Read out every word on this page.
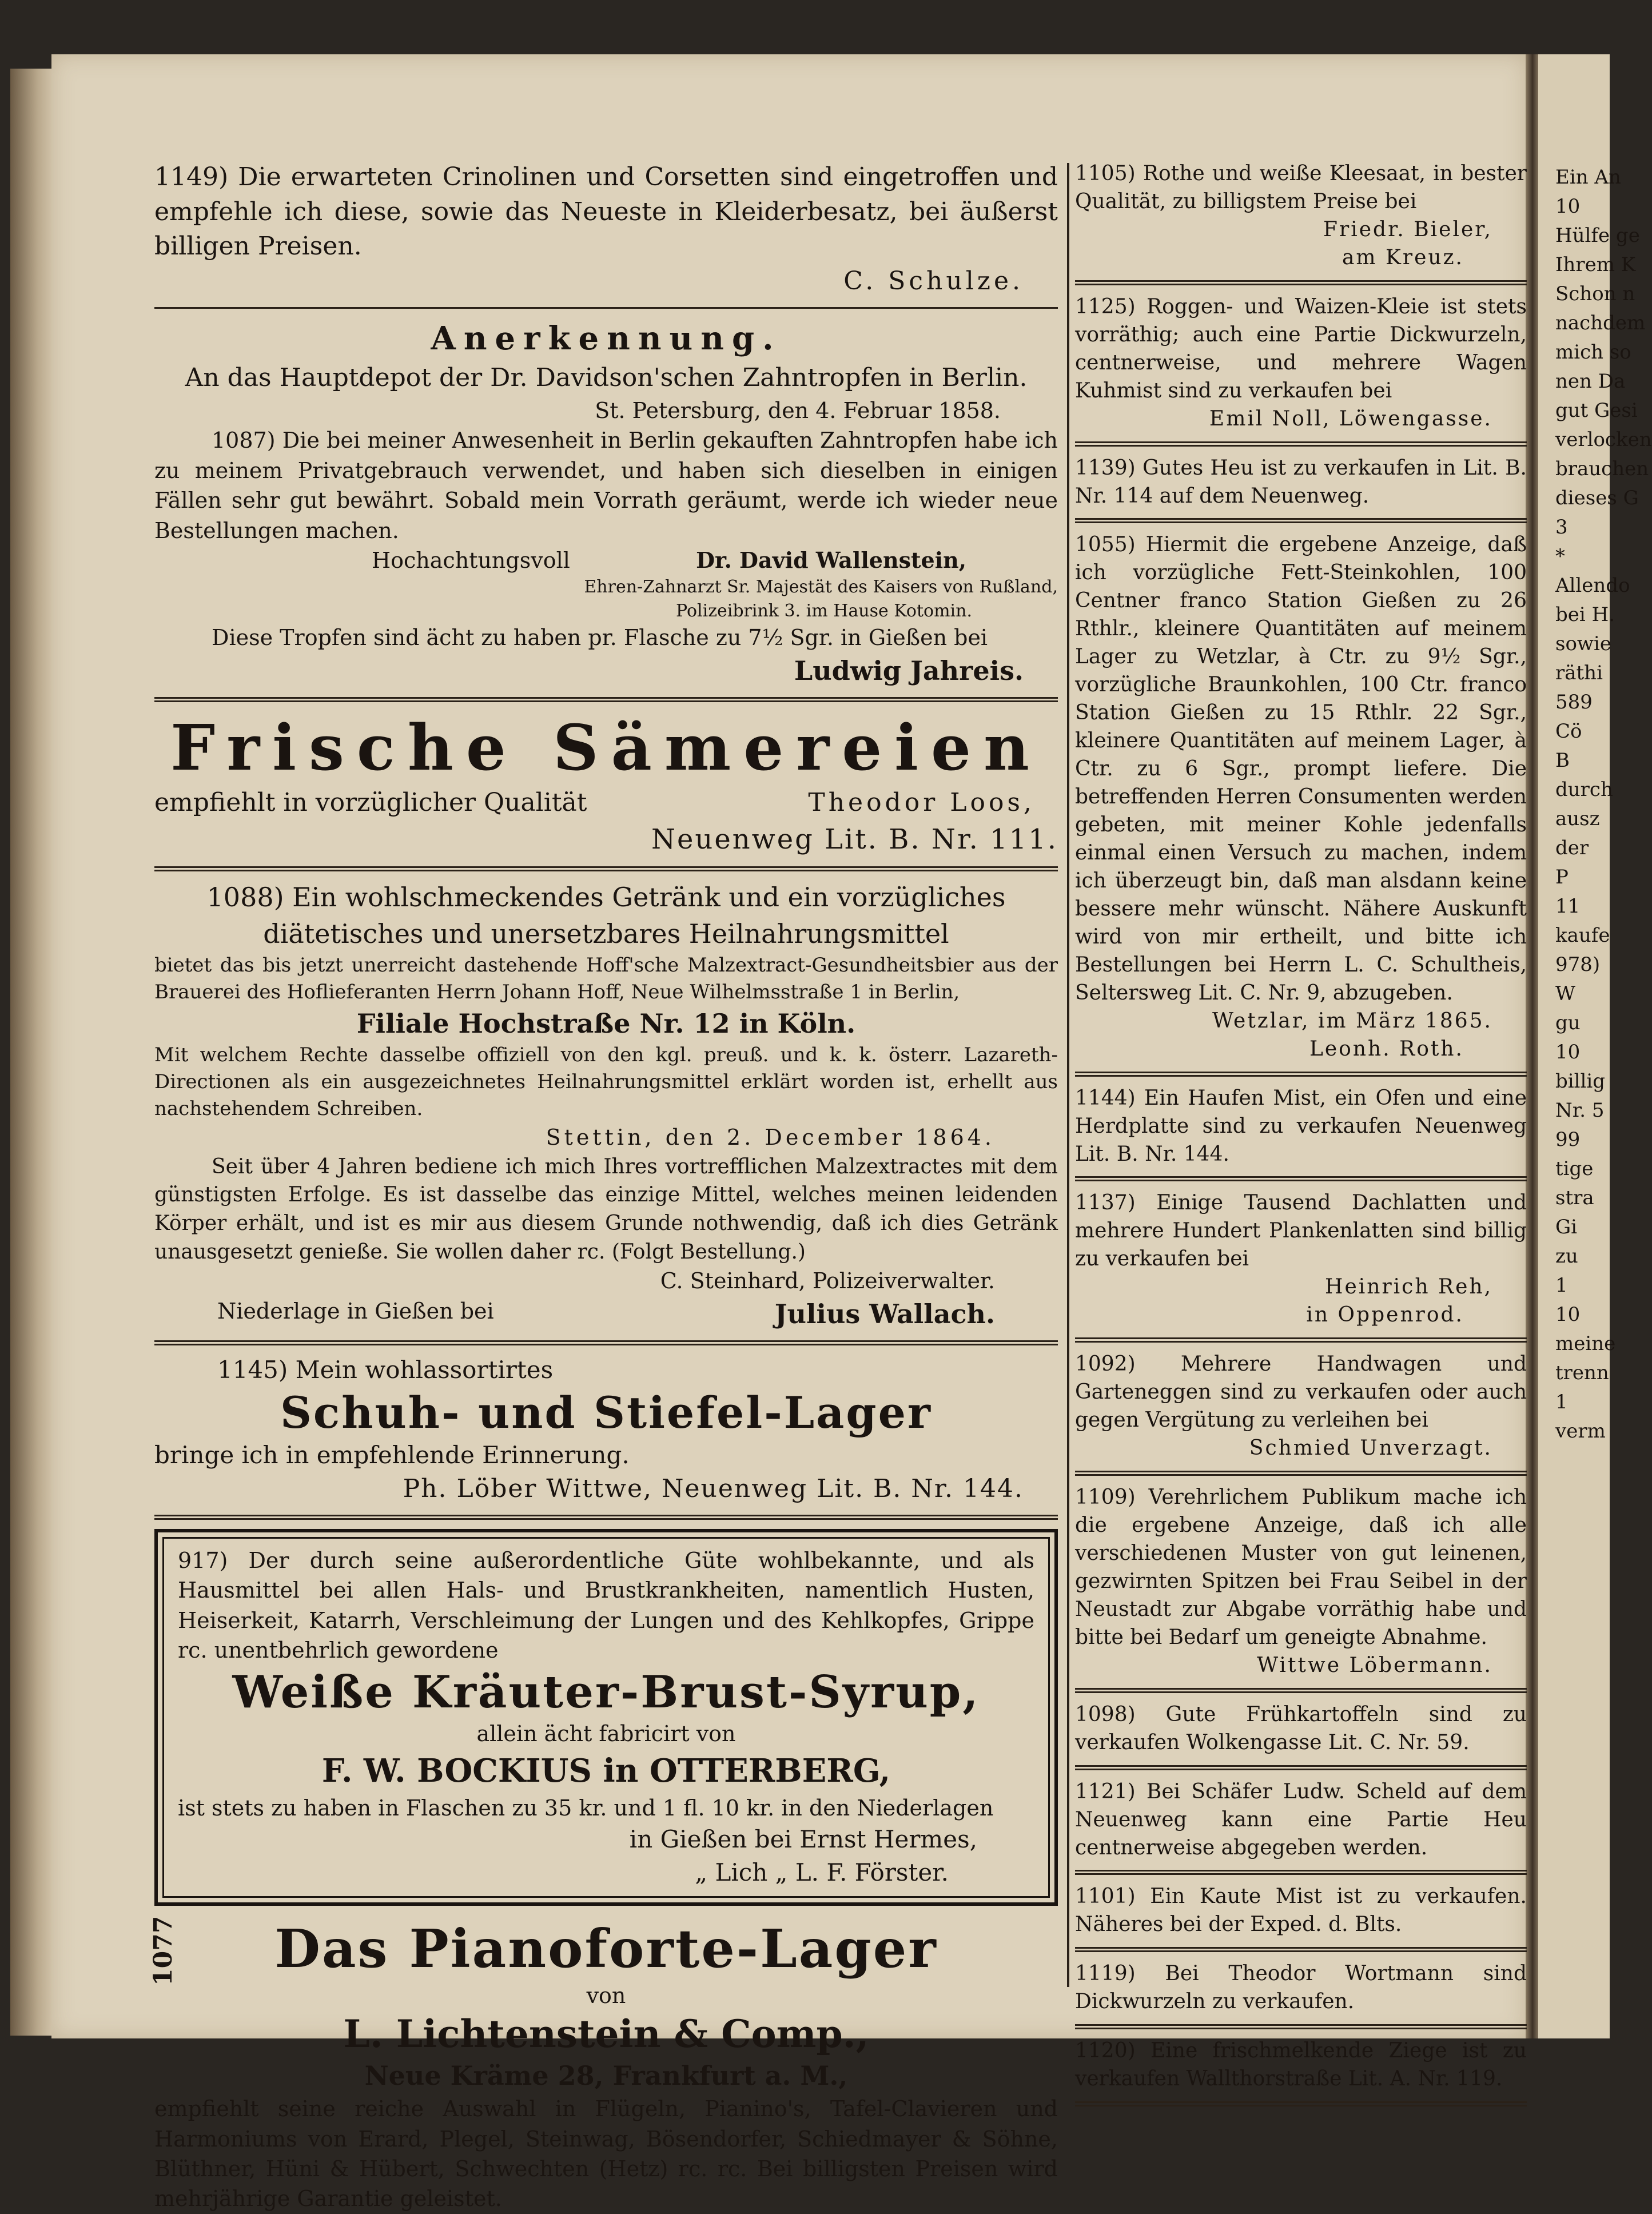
Ein An
10
Hülfe ge
Ihrem K
Schon n
nachdem
mich so
nen Da
gut Gesi
verlocken
brauchen
dieses G
3
*
Allendo
bei H.
sowie
räthi
589
Cö
B
durch
ausz
der
P
11
kaufe
978)
W
gu
10
billig
Nr. 5
99
tige
stra
Gi
zu
1
10
meine
trenn
1
verm

1149) Die erwarteten Crinolinen und Corsetten sind eingetroffen und empfehle ich diese, sowie das Neueste in Kleiderbesatz, bei äußerst billigen Preisen.

C. Schulze.

Anerkennung.

An das Hauptdepot der Dr. Davidson'schen Zahntropfen in Berlin.

St. Petersburg, den 4. Februar 1858.

1087) Die bei meiner Anwesenheit in Berlin gekauften Zahntropfen habe ich zu meinem Privatgebrauch verwendet, und haben sich dieselben in einigen Fällen sehr gut bewährt. Sobald mein Vorrath geräumt, werde ich wieder neue Bestellungen machen.

Hochachtungsvoll	Dr. David Wallenstein,

Ehren-Zahnarzt Sr. Majestät des Kaisers von Rußland,

Polizeibrink 3. im Hause Kotomin.

Diese Tropfen sind ächt zu haben pr. Flasche zu 7½ Sgr. in Gießen bei

Ludwig Jahreis.

Frische Sämereien

empfiehlt in vorzüglicher Qualität	Theodor Loos,

Neuenweg Lit. B. Nr. 111.

1088) Ein wohlschmeckendes Getränk und ein vorzügliches diätetisches und unersetzbares Heilnahrungsmittel

bietet das bis jetzt unerreicht dastehende Hoff'sche Malzextract-Gesundheitsbier aus der Brauerei des Hoflieferanten Herrn Johann Hoff, Neue Wilhelmsstraße 1 in Berlin,

Filiale Hochstraße Nr. 12 in Köln.

Mit welchem Rechte dasselbe offiziell von den kgl. preuß. und k. k. österr. Lazareth-Directionen als ein ausgezeichnetes Heilnahrungsmittel erklärt worden ist, erhellt aus nachstehendem Schreiben.

Stettin, den 2. December 1864.

Seit über 4 Jahren bediene ich mich Ihres vortrefflichen Malzextractes mit dem günstigsten Erfolge. Es ist dasselbe das einzige Mittel, welches meinen leidenden Körper erhält, und ist es mir aus diesem Grunde nothwendig, daß ich dies Getränk unausgesetzt genieße. Sie wollen daher rc. (Folgt Bestellung.)

C. Steinhard, Polizeiverwalter.

Niederlage in Gießen bei	Julius Wallach.

1145) Mein wohlassortirtes

Schuh- und Stiefel-Lager

bringe ich in empfehlende Erinnerung.

Ph. Löber Wittwe, Neuenweg Lit. B. Nr. 144.

917) Der durch seine außerordentliche Güte wohlbekannte, und als Hausmittel bei allen Hals- und Brustkrankheiten, namentlich Husten, Heiserkeit, Katarrh, Verschleimung der Lungen und des Kehlkopfes, Grippe rc. unentbehrlich gewordene

Weiße Kräuter-Brust-Syrup,

allein ächt fabricirt von

F. W. BOCKIUS in OTTERBERG,

ist stets zu haben in Flaschen zu 35 kr. und 1 fl. 10 kr. in den Niederlagen

in Gießen bei Ernst Hermes,

„ Lich „ L. F. Förster.

1077	Das Pianoforte-Lager

von

L. Lichtenstein & Comp.,

Neue Kräme 28, Frankfurt a. M.,

empfiehlt seine reiche Auswahl in Flügeln, Pianino's, Tafel-Clavieren und Harmoniums von Erard, Plegel, Steinwag, Bösendorfer, Schiedmayer & Söhne, Blüthner, Hüni & Hübert, Schwechten (Hetz) rc. rc. Bei billigsten Preisen wird mehrjährige Garantie geleistet.

1105) Rothe und weiße Kleesaat, in bester Qualität, zu billigstem Preise bei

Friedr. Bieler,

am Kreuz.

1125) Roggen- und Waizen-Kleie ist stets vorräthig; auch eine Partie Dickwurzeln, centnerweise, und mehrere Wagen Kuhmist sind zu verkaufen bei

Emil Noll, Löwengasse.

1139) Gutes Heu ist zu verkaufen in Lit. B. Nr. 114 auf dem Neuenweg.

1055) Hiermit die ergebene Anzeige, daß ich vorzügliche Fett-Steinkohlen, 100 Centner franco Station Gießen zu 26 Rthlr., kleinere Quantitäten auf meinem Lager zu Wetzlar, à Ctr. zu 9½ Sgr., vorzügliche Braunkohlen, 100 Ctr. franco Station Gießen zu 15 Rthlr. 22 Sgr., kleinere Quantitäten auf meinem Lager, à Ctr. zu 6 Sgr., prompt liefere. Die betreffenden Herren Consumenten werden gebeten, mit meiner Kohle jedenfalls einmal einen Versuch zu machen, indem ich überzeugt bin, daß man alsdann keine bessere mehr wünscht. Nähere Auskunft wird von mir ertheilt, und bitte ich Bestellungen bei Herrn L. C. Schultheis, Seltersweg Lit. C. Nr. 9, abzugeben.

Wetzlar, im März 1865.

Leonh. Roth.

1144) Ein Haufen Mist, ein Ofen und eine Herdplatte sind zu verkaufen Neuenweg Lit. B. Nr. 144.

1137) Einige Tausend Dachlatten und mehrere Hundert Plankenlatten sind billig zu verkaufen bei

Heinrich Reh,

in Oppenrod.

1092) Mehrere Handwagen und Garteneggen sind zu verkaufen oder auch gegen Vergütung zu verleihen bei

Schmied Unverzagt.

1109) Verehrlichem Publikum mache ich die ergebene Anzeige, daß ich alle verschiedenen Muster von gut leinenen, gezwirnten Spitzen bei Frau Seibel in der Neustadt zur Abgabe vorräthig habe und bitte bei Bedarf um geneigte Abnahme.

Wittwe Löbermann.

1098) Gute Frühkartoffeln sind zu verkaufen Wolkengasse Lit. C. Nr. 59.

1121) Bei Schäfer Ludw. Scheld auf dem Neuenweg kann eine Partie Heu centnerweise abgegeben werden.

1101) Ein Kaute Mist ist zu verkaufen. Näheres bei der Exped. d. Blts.

1119) Bei Theodor Wortmann sind Dickwurzeln zu verkaufen.

1120) Eine frischmelkende Ziege ist zu verkaufen Wallthorstraße Lit. A. Nr. 119.
